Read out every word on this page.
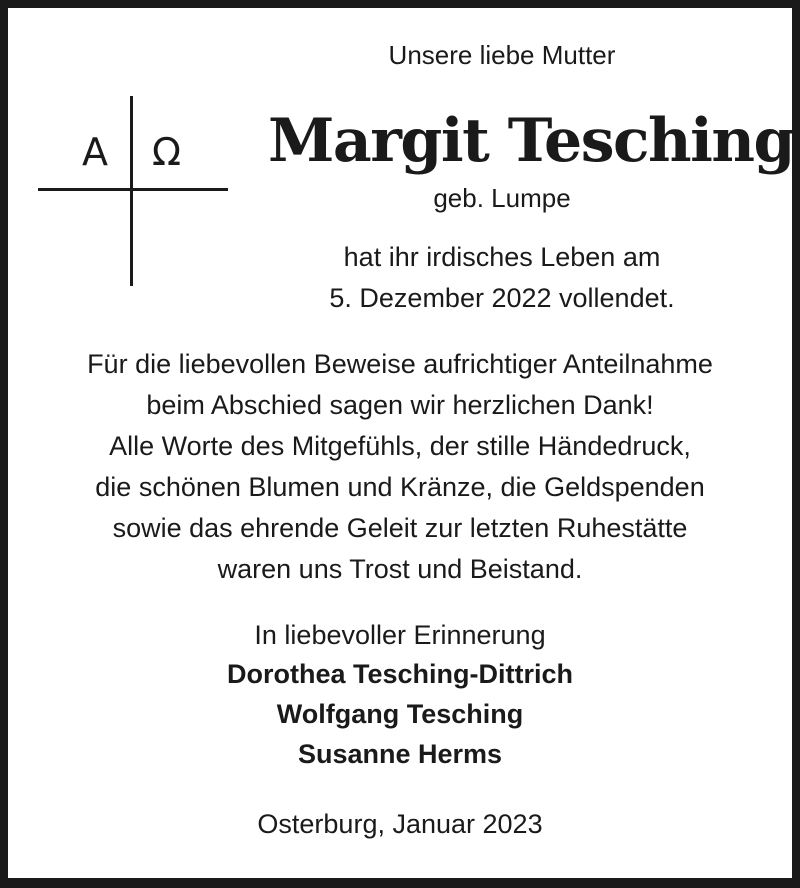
A Ω
Unsere liebe Mutter
Margit Tesching
geb. Lumpe
hat ihr irdisches Leben am
5. Dezember 2022 vollendet.
Für die liebevollen Beweise aufrichtiger Anteilnahme
beim Abschied sagen wir herzlichen Dank!
Alle Worte des Mitgefühls, der stille Händedruck,
die schönen Blumen und Kränze, die Geldspenden
sowie das ehrende Geleit zur letzten Ruhestätte
waren uns Trost und Beistand.
In liebevoller Erinnerung
Dorothea Tesching-Dittrich
Wolfgang Tesching
Susanne Herms
Osterburg, Januar 2023
